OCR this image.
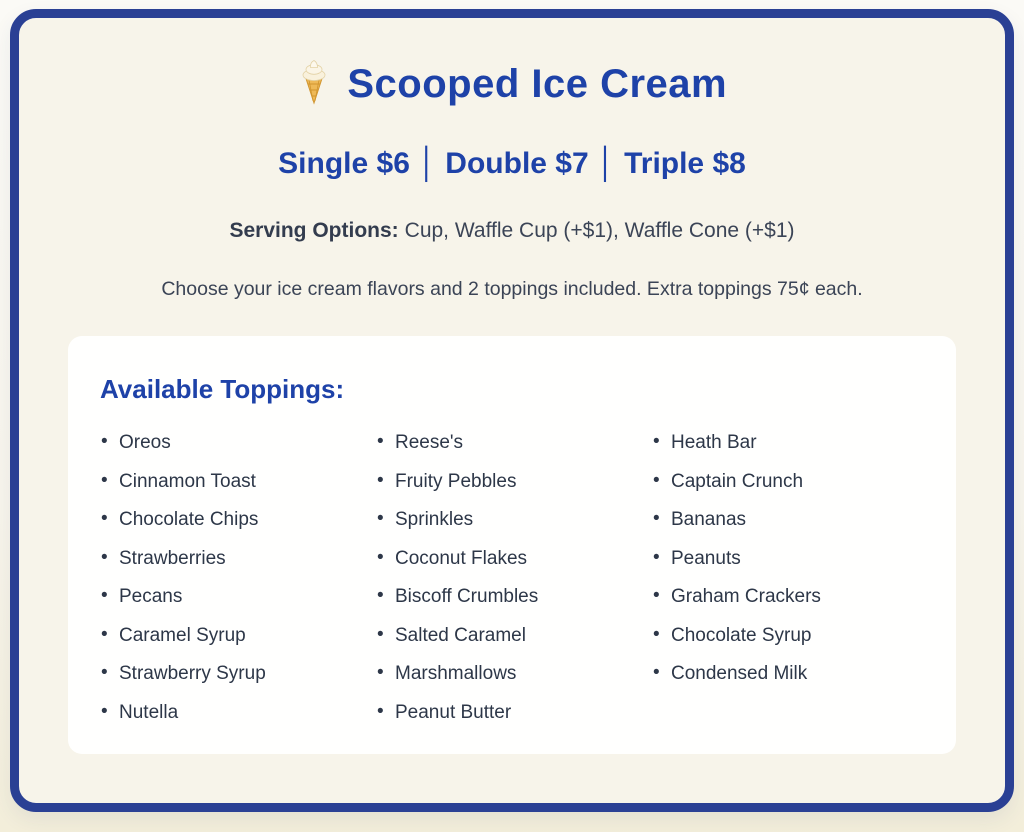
Scooped Ice Cream
Single $6 │ Double $7 │ Triple $8
Serving Options: Cup, Waffle Cup (+$1), Waffle Cone (+$1)
Choose your ice cream flavors and 2 toppings included. Extra toppings 75¢ each.
Available Toppings:
• Oreos
• Cinnamon Toast
• Chocolate Chips
• Strawberries
• Pecans
• Caramel Syrup
• Strawberry Syrup
• Nutella
• Reese's
• Fruity Pebbles
• Sprinkles
• Coconut Flakes
• Biscoff Crumbles
• Salted Caramel
• Marshmallows
• Peanut Butter
• Heath Bar
• Captain Crunch
• Bananas
• Peanuts
• Graham Crackers
• Chocolate Syrup
• Condensed Milk
